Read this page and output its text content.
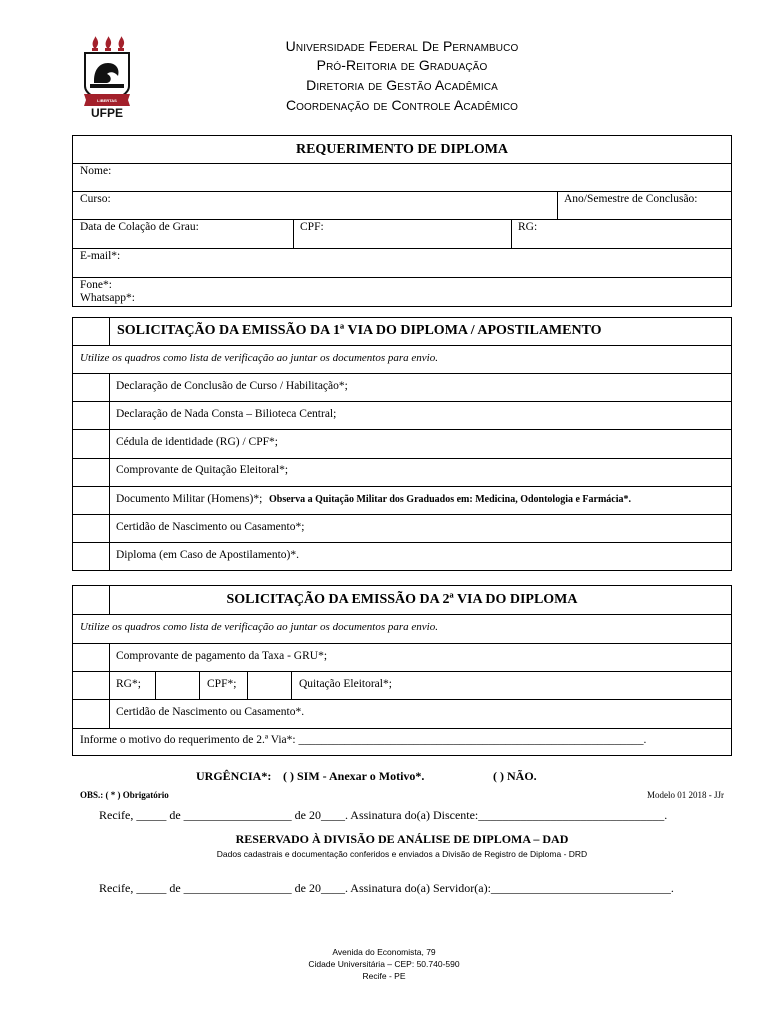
LIBERTAS
UFPE
Universidade Federal De Pernambuco
Pró-Reitoria de Graduação
Diretoria de Gestão Acadêmica
Coordenação de Controle Acadêmico
REQUERIMENTO DE DIPLOMA
Nome:
Curso:	Ano/Semestre de Conclusão:
Data de Colação de Grau:	CPF:	RG:
E-mail*:
Fone*:
Whatsapp*:
SOLICITAÇÃO DA EMISSÃO DA 1ª VIA DO DIPLOMA / APOSTILAMENTO
Utilize os quadros como lista de verificação ao juntar os documentos para envio.
Declaração de Conclusão de Curso / Habilitação*;
Declaração de Nada Consta – Bilioteca Central;
Cédula de identidade (RG) / CPF*;
Comprovante de Quitação Eleitoral*;
Documento Militar (Homens)*; Observa a Quitação Militar dos Graduados em: Medicina, Odontologia e Farmácia*.
Certidão de Nascimento ou Casamento*;
Diploma (em Caso de Apostilamento)*.
SOLICITAÇÃO DA EMISSÃO DA 2ª VIA DO DIPLOMA
Utilize os quadros como lista de verificação ao juntar os documentos para envio.
Comprovante de pagamento da Taxa - GRU*;
RG*;	CPF*;	Quitação Eleitoral*;
Certidão de Nascimento ou Casamento*.
Informe o motivo do requerimento de 2.ª Via*: ____________________________________________________________.
URGÊNCIA*: ( ) SIM - Anexar o Motivo*.	( ) NÃO.
OBS.: ( * ) Obrigatório	Modelo 01 2018 - JJr
Recife, _____ de __________________ de 20____. Assinatura do(a) Discente:_______________________________.
RESERVADO À DIVISÃO DE ANÁLISE DE DIPLOMA – DAD
Dados cadastrais e documentação conferidos e enviados a Divisão de Registro de Diploma - DRD
Recife, _____ de __________________ de 20____. Assinatura do(a) Servidor(a):______________________________.
Avenida do Economista, 79
Cidade Universitária – CEP: 50.740-590
Recife - PE
